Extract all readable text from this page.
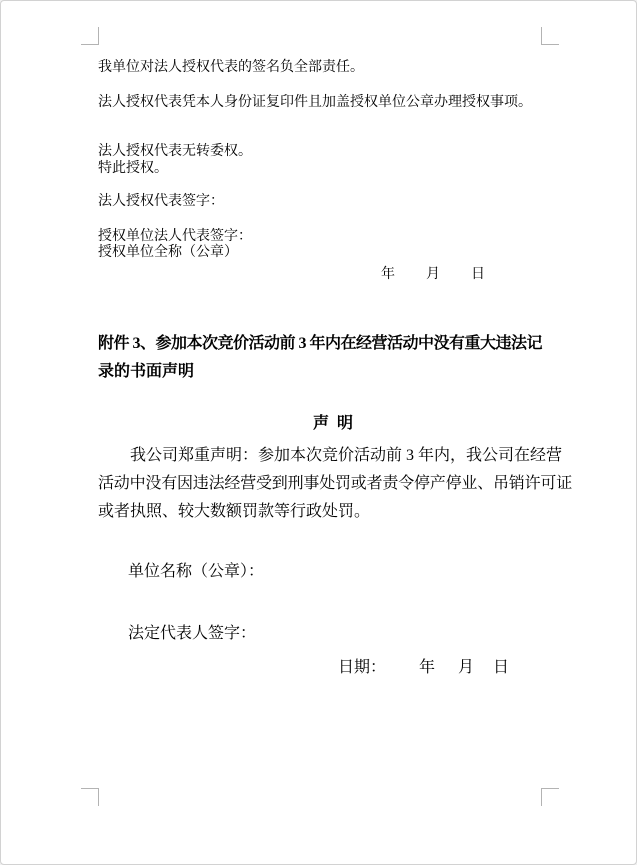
我单位对法人授权代表的签名负全部责任。
法人授权代表凭本人身份证复印件且加盖授权单位公章办理授权事项。
法人授权代表无转委权。
特此授权。
法人授权代表签字：
授权单位法人代表签字：
授权单位全称（公章）

年

月

日

附件 3、参加本次竞价活动前 3 年内在经营活动中没有重大违法记
录的书面声明
声  明
我公司郑重声明：参加本次竞价活动前 3 年内，我公司在经营
活动中没有因违法经营受到刑事处罚或者责令停产停业、吊销许可证
或者执照、较大数额罚款等行政处罚。
单位名称（公章）：
法定代表人签字：

日期：

年

月

日
